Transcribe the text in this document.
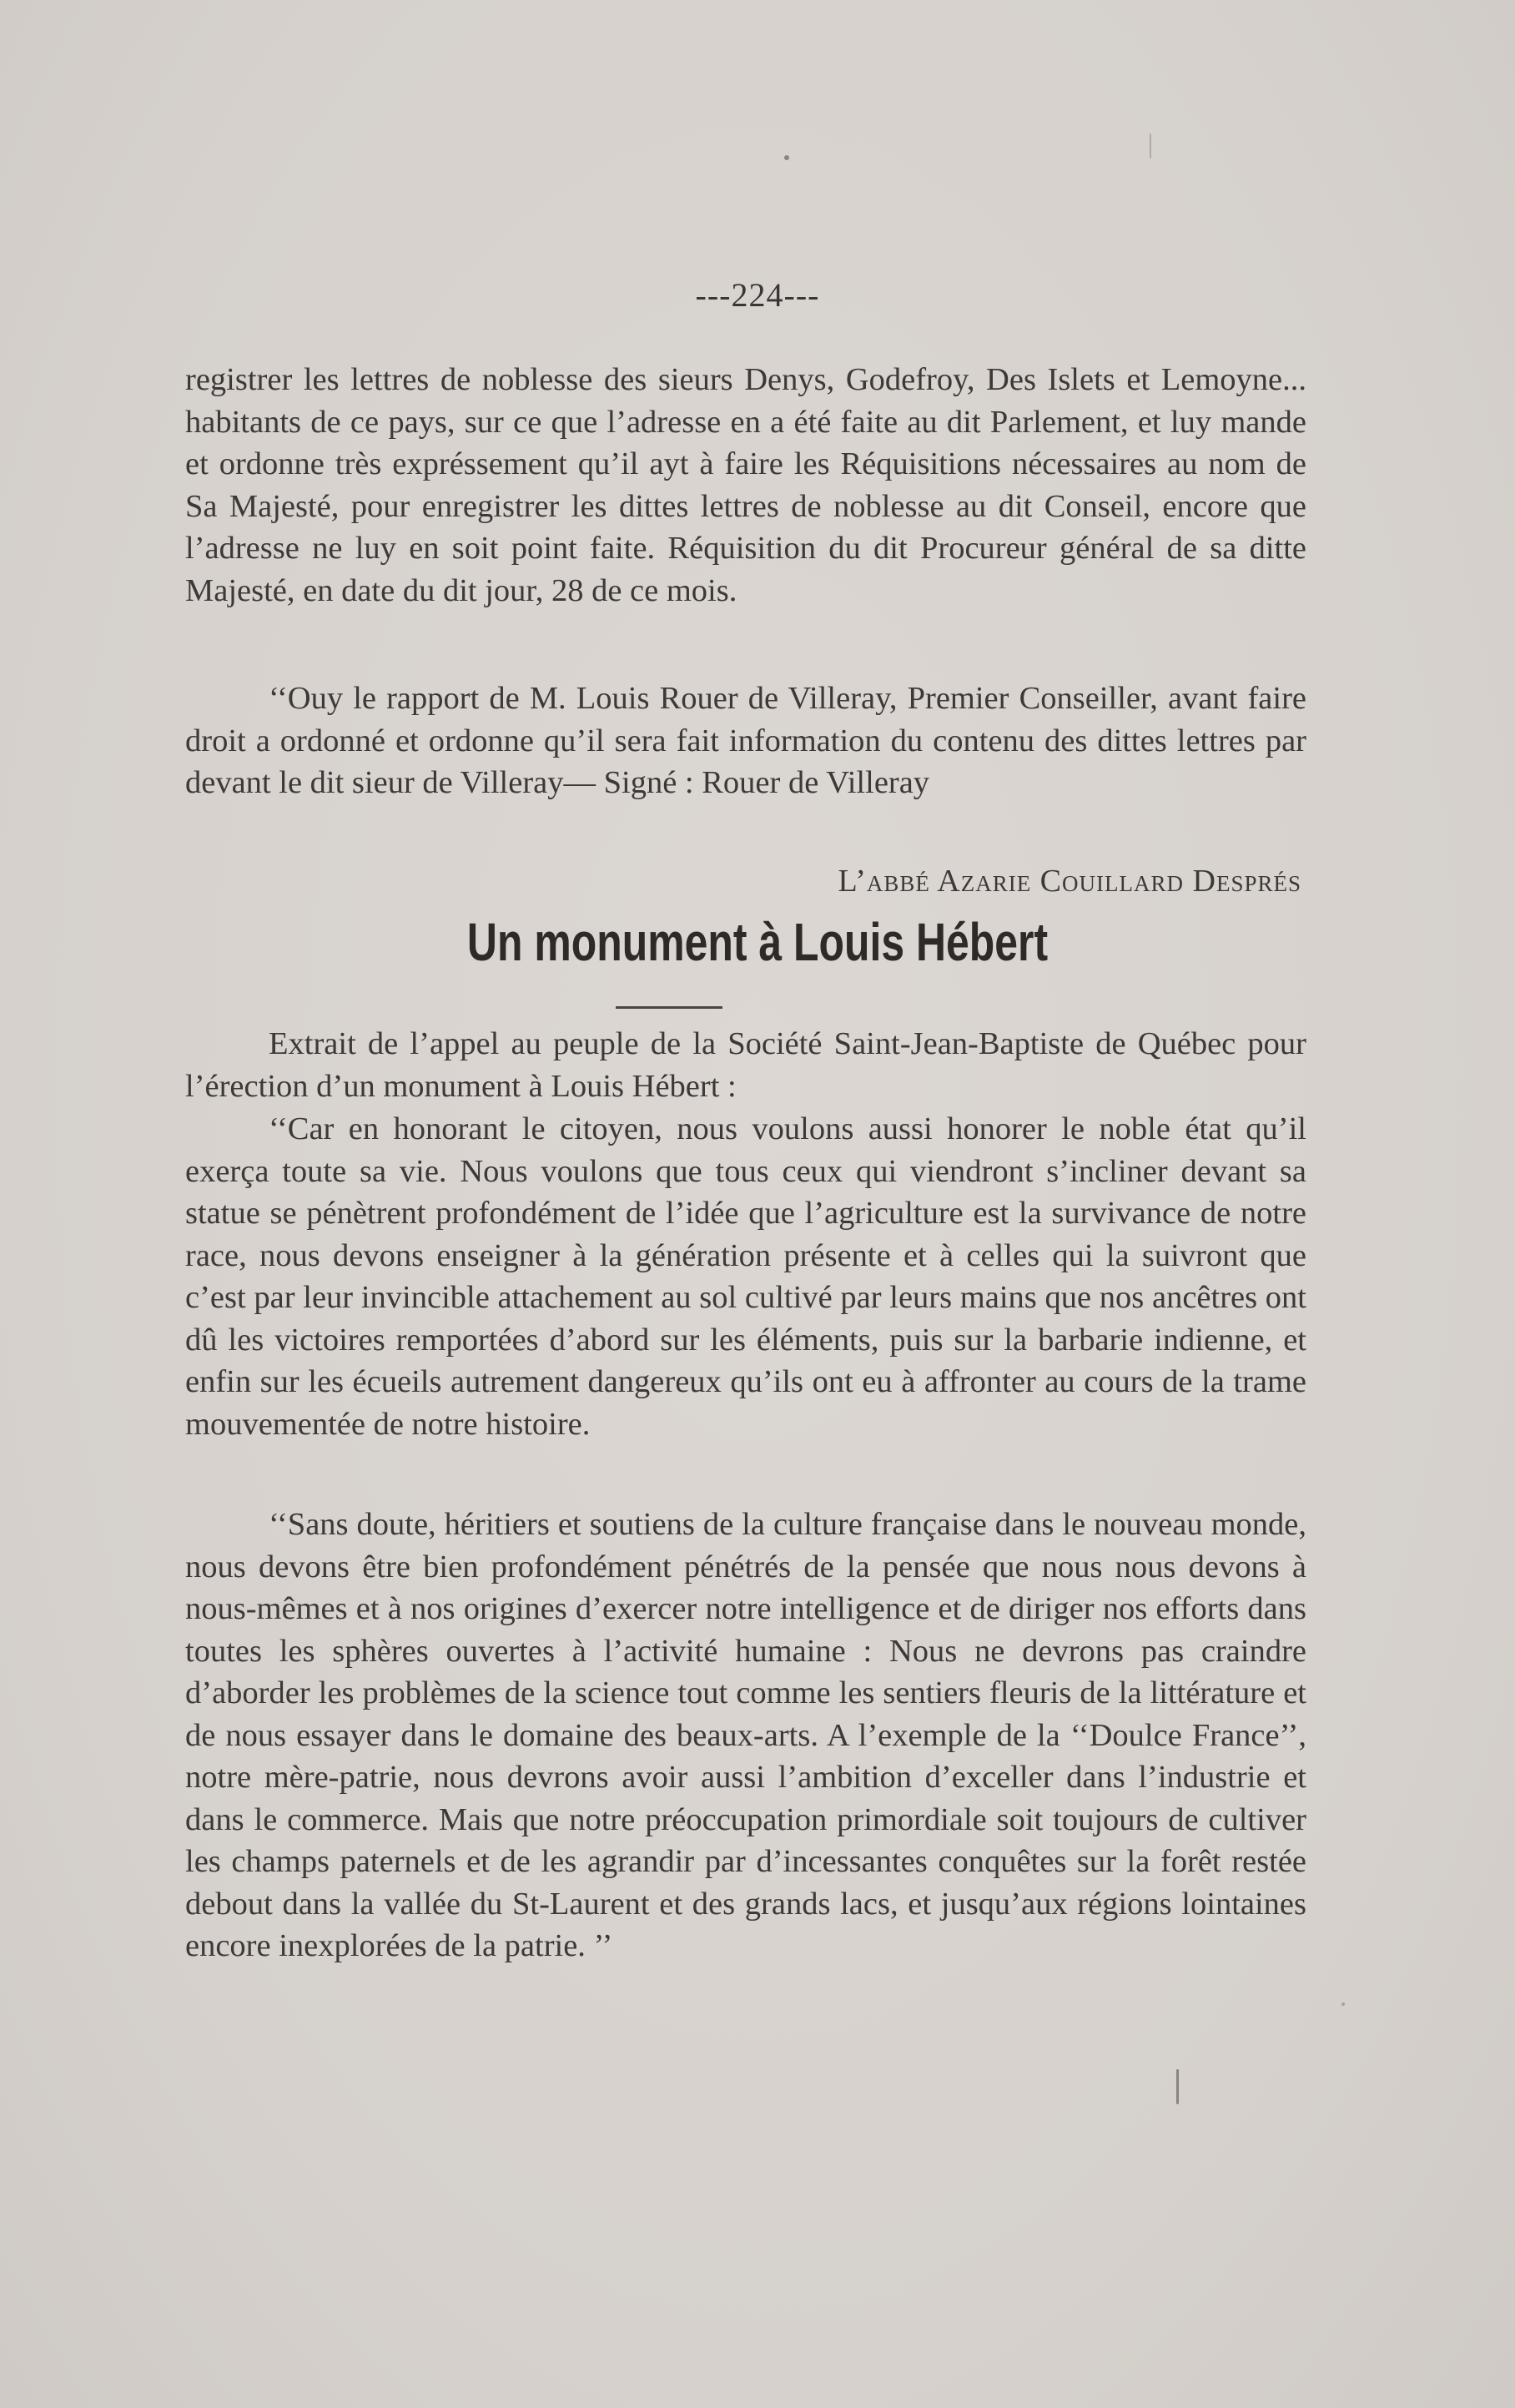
---224---

registrer les lettres de noblesse des sieurs Denys, Godefroy, Des Islets et Lemoyne... habitants de ce pays, sur ce que l’adresse en a été faite au dit Parlement, et luy mande et ordonne très expréssement qu’il ayt à faire les Réquisitions nécessaires au nom de Sa Majesté, pour enregistrer les dittes lettres de noblesse au dit Conseil, encore que l’adresse ne luy en soit point faite. Réquisition du dit Procureur général de sa ditte Majesté, en date du dit jour, 28 de ce mois.

‘‘Ouy le rapport de M. Louis Rouer de Villeray, Premier Conseiller, avant faire droit a ordonné et ordonne qu’il sera fait information du contenu des dittes lettres par devant le dit sieur de Villeray— Signé : Rouer de Villeray

L’abbé Azarie Couillard Després
Un monument à Louis Hébert

Extrait de l’appel au peuple de la Société Saint-Jean-Baptiste de Québec pour l’érection d’un monument à Louis Hébert :

‘‘Car en honorant le citoyen, nous voulons aussi honorer le noble état qu’il exerça toute sa vie. Nous voulons que tous ceux qui viendront s’incliner devant sa statue se pénètrent profondément de l’idée que l’agriculture est la survivance de notre race, nous devons enseigner à la génération présente et à celles qui la suivront que c’est par leur invincible attachement au sol cultivé par leurs mains que nos ancêtres ont dû les victoires remportées d’abord sur les éléments, puis sur la barbarie indienne, et enfin sur les écueils autrement dangereux qu’ils ont eu à affronter au cours de la trame mouvementée de notre histoire.

‘‘Sans doute, héritiers et soutiens de la culture française dans le nouveau monde, nous devons être bien profondément pénétrés de la pensée que nous nous devons à nous-mêmes et à nos origines d’exercer notre intelligence et de diriger nos efforts dans toutes les sphères ouvertes à l’activité humaine : Nous ne devrons pas craindre d’aborder les problèmes de la science tout comme les sentiers fleuris de la littérature et de nous essayer dans le domaine des beaux-arts. A l’exemple de la ‘‘Doulce France’’, notre mère-patrie, nous devrons avoir aussi l’ambition d’exceller dans l’industrie et dans le commerce. Mais que notre préoccupation primordiale soit toujours de cultiver les champs paternels et de les agrandir par d’incessantes conquêtes sur la forêt restée debout dans la vallée du St-Laurent et des grands lacs, et jusqu’aux régions lointaines encore inexplorées de la patrie. ’’
